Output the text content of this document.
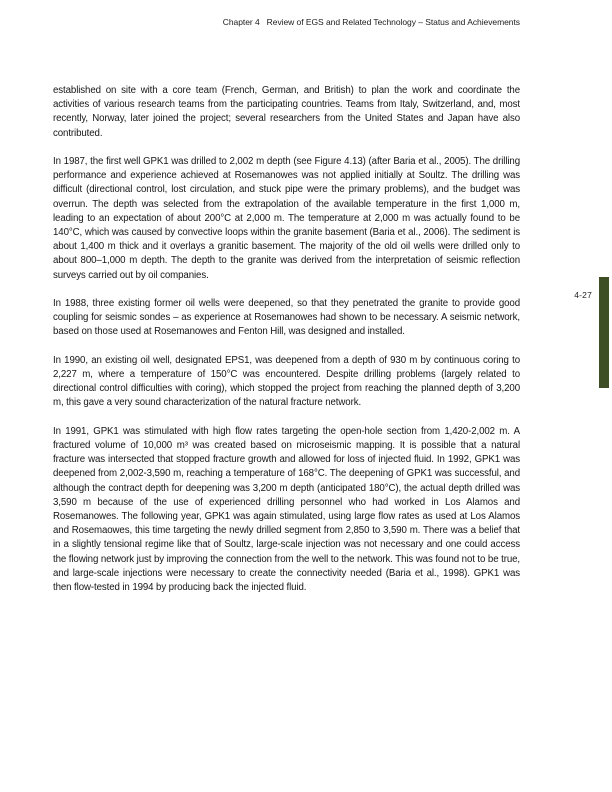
Chapter 4 Review of EGS and Related Technology – Status and Achievements

established on site with a core team (French, German, and British) to plan the work and coordinate the activities of various research teams from the participating countries. Teams from Italy, Switzerland, and, most recently, Norway, later joined the project; several researchers from the United States and Japan have also contributed.

In 1987, the first well GPK1 was drilled to 2,002 m depth (see Figure 4.13) (after Baria et al., 2005). The drilling performance and experience achieved at Rosemanowes was not applied initially at Soultz. The drilling was difficult (directional control, lost circulation, and stuck pipe were the primary problems), and the budget was overrun. The depth was selected from the extrapolation of the available temperature in the first 1,000 m, leading to an expectation of about 200°C at 2,000 m. The temperature at 2,000 m was actually found to be 140°C, which was caused by convective loops within the granite basement (Baria et al., 2006). The sediment is about 1,400 m thick and it overlays a granitic basement. The majority of the old oil wells were drilled only to about 800–1,000 m depth. The depth to the granite was derived from the interpretation of seismic reflection surveys carried out by oil companies.

In 1988, three existing former oil wells were deepened, so that they penetrated the granite to provide good coupling for seismic sondes – as experience at Rosemanowes had shown to be necessary. A seismic network, based on those used at Rosemanowes and Fenton Hill, was designed and installed.

In 1990, an existing oil well, designated EPS1, was deepened from a depth of 930 m by continuous coring to 2,227 m, where a temperature of 150°C was encountered. Despite drilling problems (largely related to directional control difficulties with coring), which stopped the project from reaching the planned depth of 3,200 m, this gave a very sound characterization of the natural fracture network.

In 1991, GPK1 was stimulated with high flow rates targeting the open-hole section from 1,420-2,002 m. A fractured volume of 10,000 m³ was created based on microseismic mapping. It is possible that a natural fracture was intersected that stopped fracture growth and allowed for loss of injected fluid. In 1992, GPK1 was deepened from 2,002-3,590 m, reaching a temperature of 168°C. The deepening of GPK1 was successful, and although the contract depth for deepening was 3,200 m depth (anticipated 180°C), the actual depth drilled was 3,590 m because of the use of experienced drilling personnel who had worked in Los Alamos and Rosemanowes. The following year, GPK1 was again stimulated, using large flow rates as used at Los Alamos and Rosemaowes, this time targeting the newly drilled segment from 2,850 to 3,590 m. There was a belief that in a slightly tensional regime like that of Soultz, large-scale injection was not necessary and one could access the flowing network just by improving the connection from the well to the network. This was found not to be true, and large-scale injections were necessary to create the connectivity needed (Baria et al., 1998). GPK1 was then flow-tested in 1994 by producing back the injected fluid.

4-27
